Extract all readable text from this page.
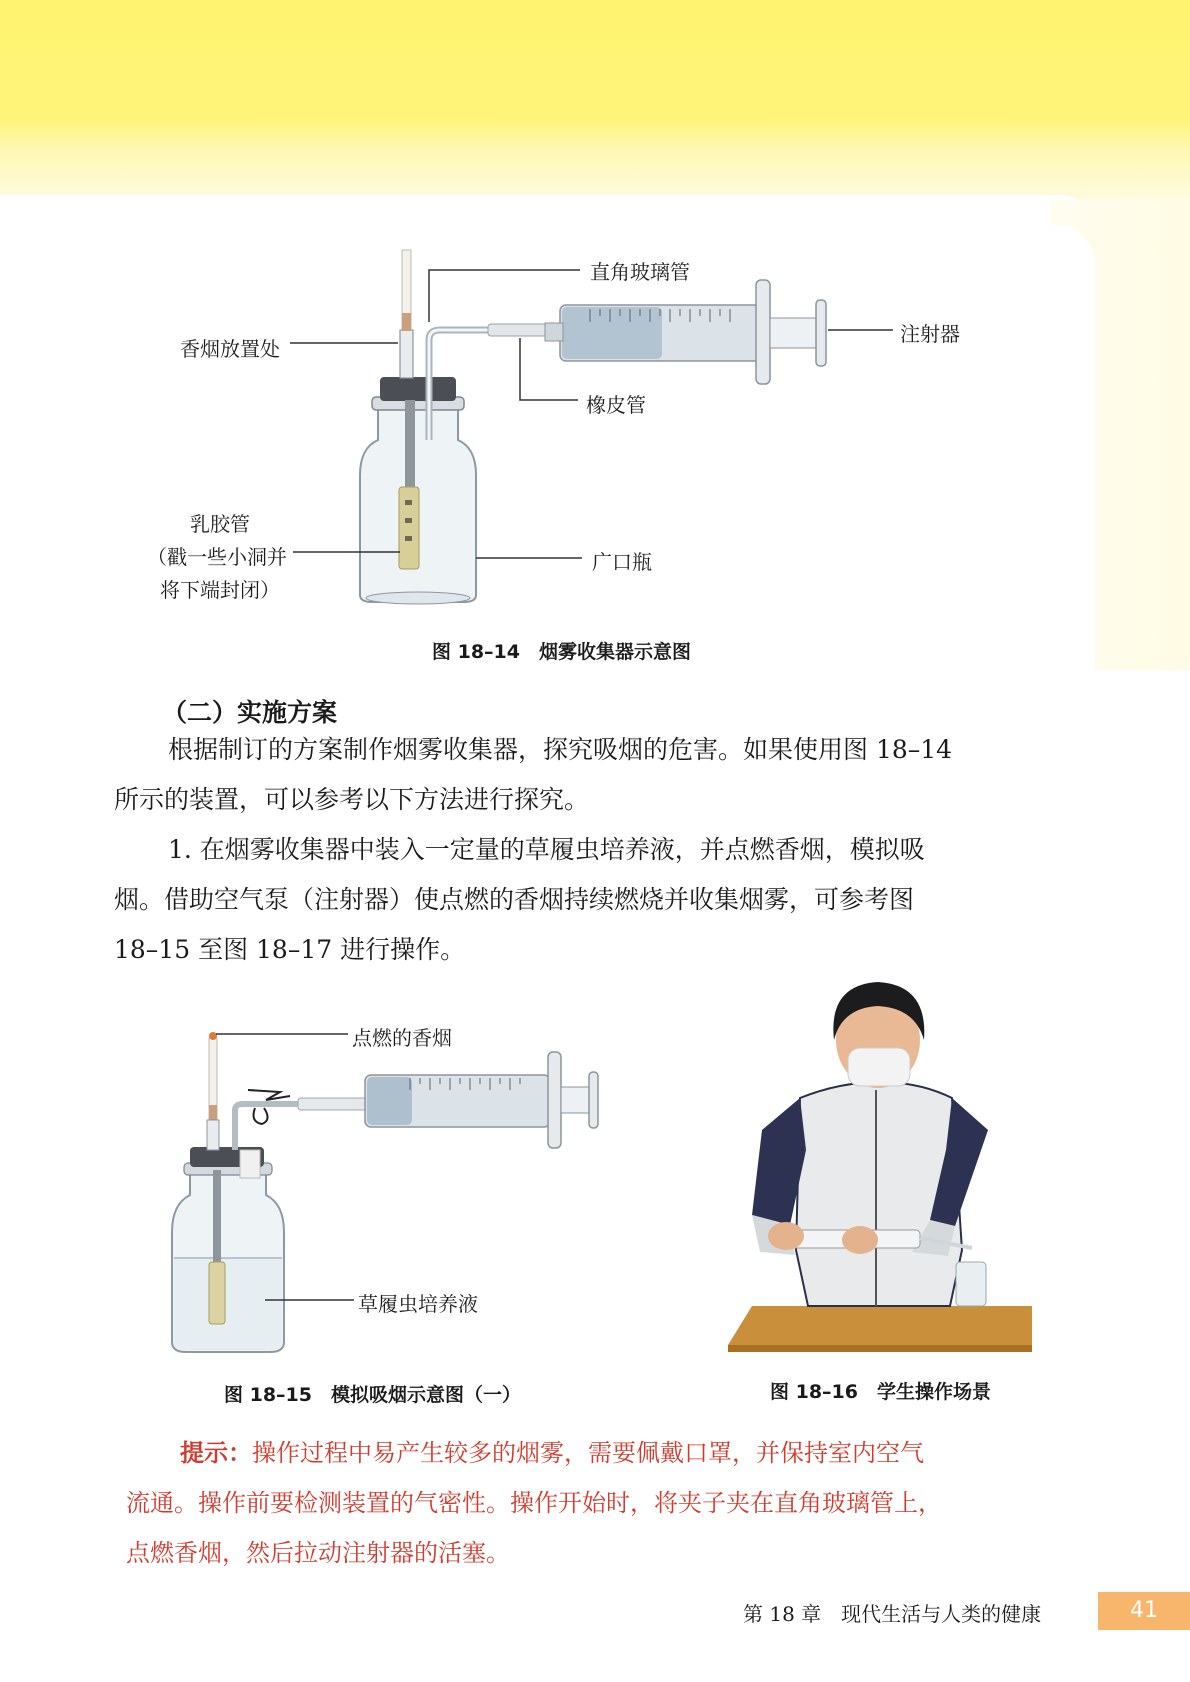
直角玻璃管
注射器
香烟放置处
橡皮管
乳胶管
（戳一些小洞并
将下端封闭）
广口瓶
图 18–14　烟雾收集器示意图
（二）实施方案
根据制订的方案制作烟雾收集器，探究吸烟的危害。如果使用图 18–14
所示的装置，可以参考以下方法进行探究。
1. 在烟雾收集器中装入一定量的草履虫培养液，并点燃香烟，模拟吸
烟。借助空气泵（注射器）使点燃的香烟持续燃烧并收集烟雾，可参考图
18–15 至图 18–17 进行操作。
点燃的香烟
草履虫培养液
图 18–15　模拟吸烟示意图（一）	图 18–16　学生操作场景
提示：操作过程中易产生较多的烟雾，需要佩戴口罩，并保持室内空气
流通。操作前要检测装置的气密性。操作开始时，将夹子夹在直角玻璃管上，
点燃香烟，然后拉动注射器的活塞。
第 18 章　现代生活与人类的健康	41
